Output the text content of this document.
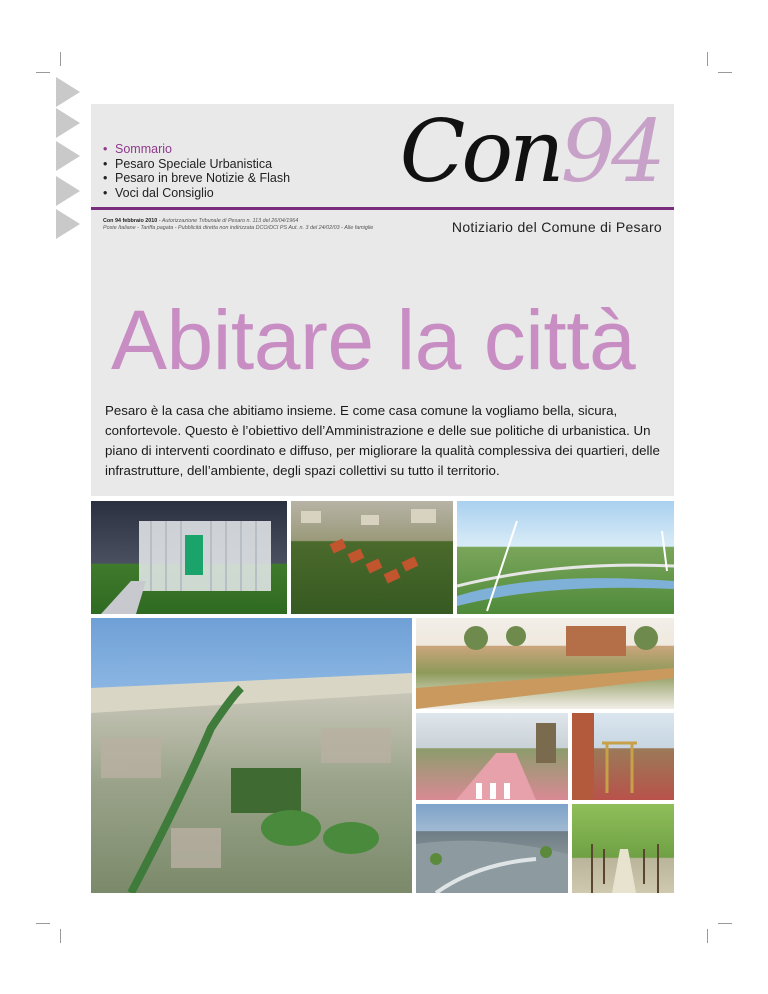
• Sommario
• Pesaro Speciale Urbanistica
• Pesaro in breve Notizie & Flash
• Voci dal Consiglio	Con94
Con 94 febbraio 2010 - Autorizzazione Tribunale di Pesaro n. 113 del 26/04/1964
Poste Italiane - Tariffa pagata - Pubblicità diretta non indirizzata DCO/DCI PS Aut. n. 3 del 24/02/03 - Alle famiglie	Notiziario del Comune di Pesaro
Abitare la città

Pesaro è la casa che abitiamo insieme. E come casa comune la vogliamo bella, sicura, confortevole. Questo è l’obiettivo dell’Amministrazione e delle sue politiche di urbanistica. Un piano di interventi coordinato e diffuso, per migliorare la qualità complessiva dei quartieri, delle infrastrutture, dell’ambiente, degli spazi collettivi su tutto il territorio.
